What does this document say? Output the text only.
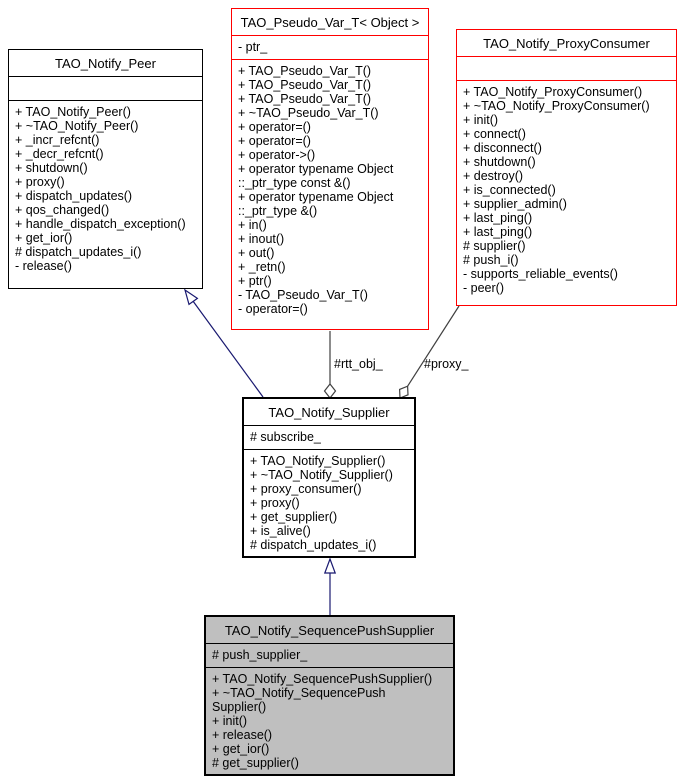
#rtt_obj_	#proxy_
TAO_Notify_Peer
+ TAO_Notify_Peer()
+ ~TAO_Notify_Peer()
+ _incr_refcnt()
+ _decr_refcnt()
+ shutdown()
+ proxy()
+ dispatch_updates()
+ qos_changed()
+ handle_dispatch_exception()
+ get_ior()
# dispatch_updates_i()
- release()
TAO_Pseudo_Var_T< Object >
- ptr_
+ TAO_Pseudo_Var_T()
+ TAO_Pseudo_Var_T()
+ TAO_Pseudo_Var_T()
+ ~TAO_Pseudo_Var_T()
+ operator=()
+ operator=()
+ operator->()
+ operator typename Object
::_ptr_type const &()
+ operator typename Object
::_ptr_type &()
+ in()
+ inout()
+ out()
+ _retn()
+ ptr()
- TAO_Pseudo_Var_T()
- operator=()
TAO_Notify_ProxyConsumer
+ TAO_Notify_ProxyConsumer()
+ ~TAO_Notify_ProxyConsumer()
+ init()
+ connect()
+ disconnect()
+ shutdown()
+ destroy()
+ is_connected()
+ supplier_admin()
+ last_ping()
+ last_ping()
# supplier()
# push_i()
- supports_reliable_events()
- peer()
TAO_Notify_Supplier
# subscribe_
+ TAO_Notify_Supplier()
+ ~TAO_Notify_Supplier()
+ proxy_consumer()
+ proxy()
+ get_supplier()
+ is_alive()
# dispatch_updates_i()
TAO_Notify_SequencePushSupplier
# push_supplier_
+ TAO_Notify_SequencePushSupplier()
+ ~TAO_Notify_SequencePush
Supplier()
+ init()
+ release()
+ get_ior()
# get_supplier()
